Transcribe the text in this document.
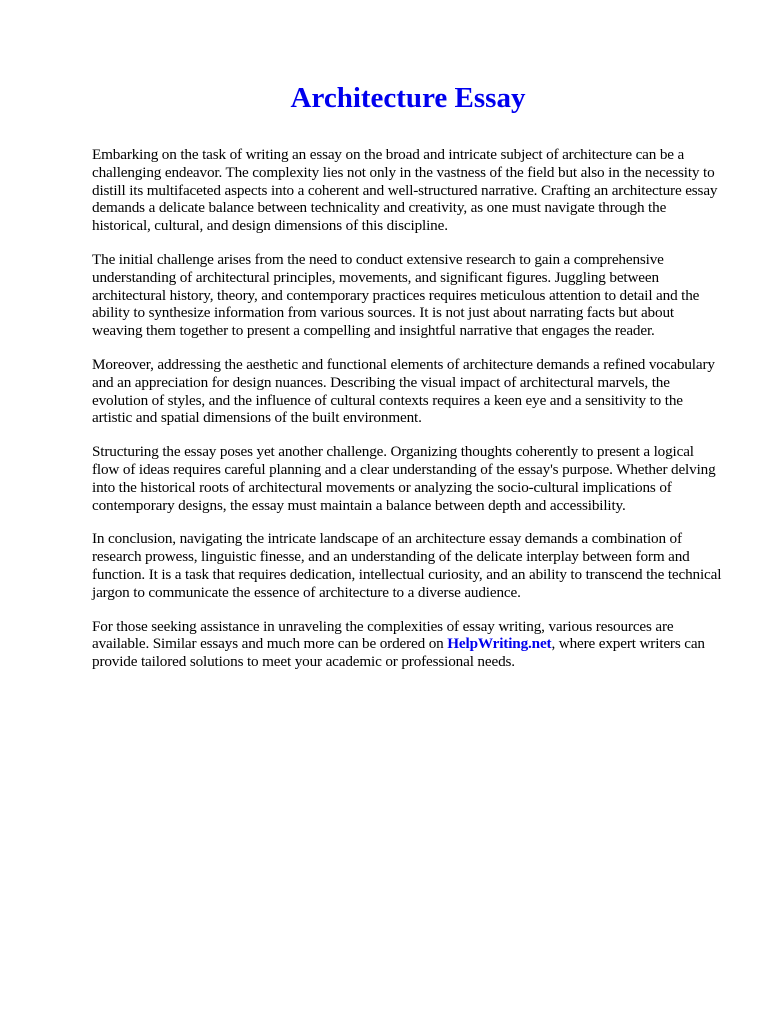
Architecture Essay

Embarking on the task of writing an essay on the broad and intricate subject of architecture can be a challenging endeavor. The complexity lies not only in the vastness of the field but also in the necessity to distill its multifaceted aspects into a coherent and well-structured narrative. Crafting an architecture essay demands a delicate balance between technicality and creativity, as one must navigate through the historical, cultural, and design dimensions of this discipline.

The initial challenge arises from the need to conduct extensive research to gain a comprehensive understanding of architectural principles, movements, and significant figures. Juggling between architectural history, theory, and contemporary practices requires meticulous attention to detail and the ability to synthesize information from various sources. It is not just about narrating facts but about weaving them together to present a compelling and insightful narrative that engages the reader.

Moreover, addressing the aesthetic and functional elements of architecture demands a refined vocabulary and an appreciation for design nuances. Describing the visual impact of architectural marvels, the evolution of styles, and the influence of cultural contexts requires a keen eye and a sensitivity to the artistic and spatial dimensions of the built environment.

Structuring the essay poses yet another challenge. Organizing thoughts coherently to present a logical flow of ideas requires careful planning and a clear understanding of the essay's purpose. Whether delving into the historical roots of architectural movements or analyzing the socio-cultural implications of contemporary designs, the essay must maintain a balance between depth and accessibility.

In conclusion, navigating the intricate landscape of an architecture essay demands a combination of research prowess, linguistic finesse, and an understanding of the delicate interplay between form and function. It is a task that requires dedication, intellectual curiosity, and an ability to transcend the technical jargon to communicate the essence of architecture to a diverse audience.

For those seeking assistance in unraveling the complexities of essay writing, various resources are available. Similar essays and much more can be ordered on HelpWriting.net, where expert writers can provide tailored solutions to meet your academic or professional needs.
